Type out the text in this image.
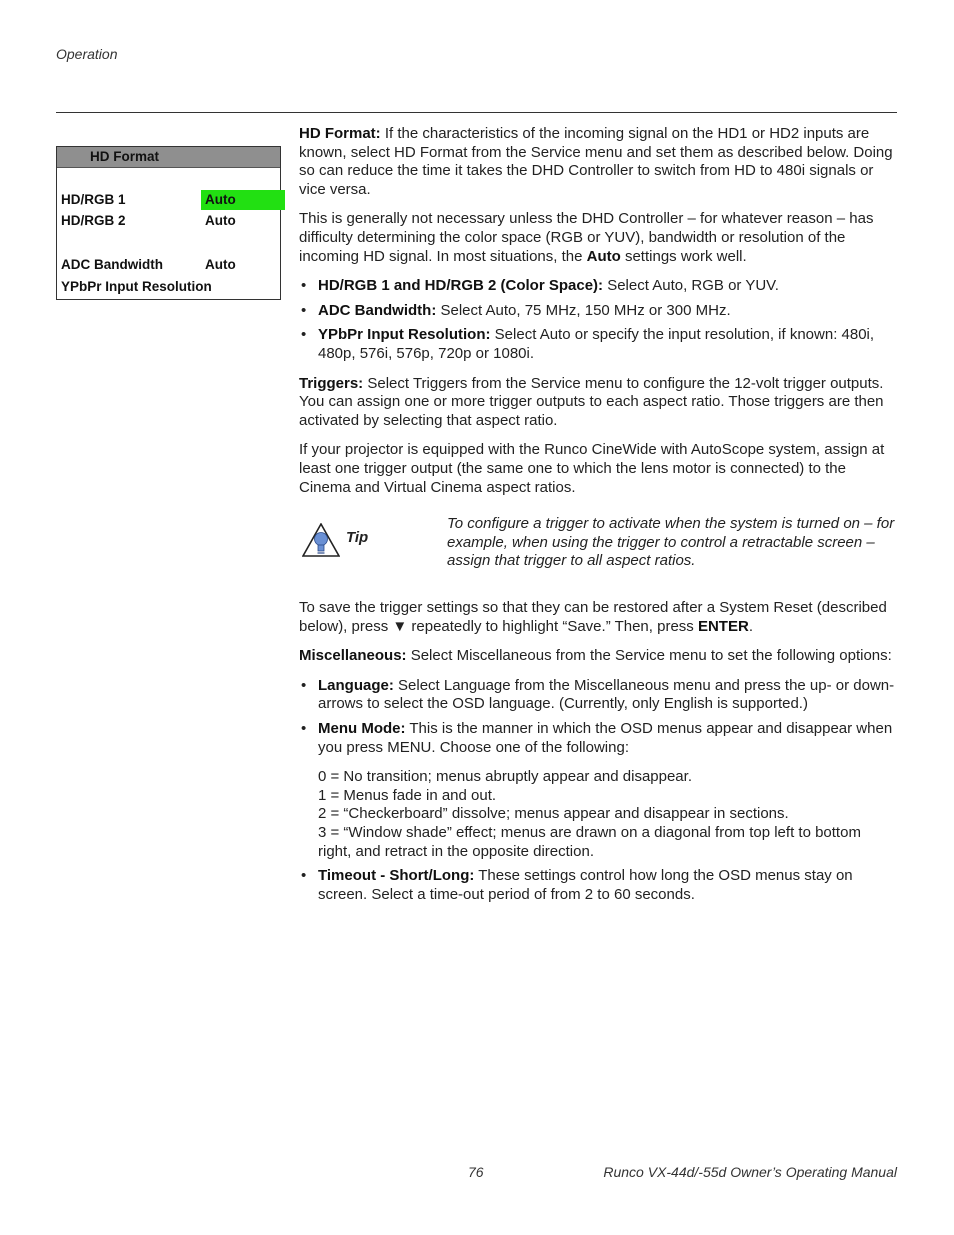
Operation
HD Format
HD/RGB 1	Auto
HD/RGB 2	Auto
ADC Bandwidth	Auto
YPbPr Input Resolution

HD Format: If the characteristics of the incoming signal on the HD1 or HD2 inputs are known, select HD Format from the Service menu and set them as described below. Doing so can reduce the time it takes the DHD Controller to switch from HD to 480i signals or vice versa.

This is generally not necessary unless the DHD Controller – for whatever reason – has difficulty determining the color space (RGB or YUV), bandwidth or resolution of the incoming HD signal. In most situations, the Auto settings work well.

• HD/RGB 1 and HD/RGB 2 (Color Space): Select Auto, RGB or YUV.
• ADC Bandwidth: Select Auto, 75 MHz, 150 MHz or 300 MHz.
• YPbPr Input Resolution: Select Auto or specify the input resolution, if known: 480i, 480p, 576i, 576p, 720p or 1080i.

Triggers: Select Triggers from the Service menu to configure the 12-volt trigger outputs. You can assign one or more trigger outputs to each aspect ratio. Those triggers are then activated by selecting that aspect ratio.

If your projector is equipped with the Runco CineWide with AutoScope system, assign at least one trigger output (the same one to which the lens motor is connected) to the Cinema and Virtual Cinema aspect ratios.

Tip
To configure a trigger to activate when the system is turned on – for example, when using the trigger to control a retractable screen – assign that trigger to all aspect ratios.

To save the trigger settings so that they can be restored after a System Reset (described below), press ▼ repeatedly to highlight “Save.” Then, press ENTER.

Miscellaneous: Select Miscellaneous from the Service menu to set the following options:

• Language: Select Language from the Miscellaneous menu and press the up- or down-arrows to select the OSD language. (Currently, only English is supported.)
• Menu Mode: This is the manner in which the OSD menus appear and disappear when you press MENU. Choose one of the following:
0 = No transition; menus abruptly appear and disappear.
1 = Menus fade in and out.
2 = “Checkerboard” dissolve; menus appear and disappear in sections.
3 = “Window shade” effect; menus are drawn on a diagonal from top left to bottom right, and retract in the opposite direction.
• Timeout - Short/Long: These settings control how long the OSD menus stay on screen. Select a time-out period of from 2 to 60 seconds.
76	Runco VX-44d/-55d Owner’s Operating Manual
